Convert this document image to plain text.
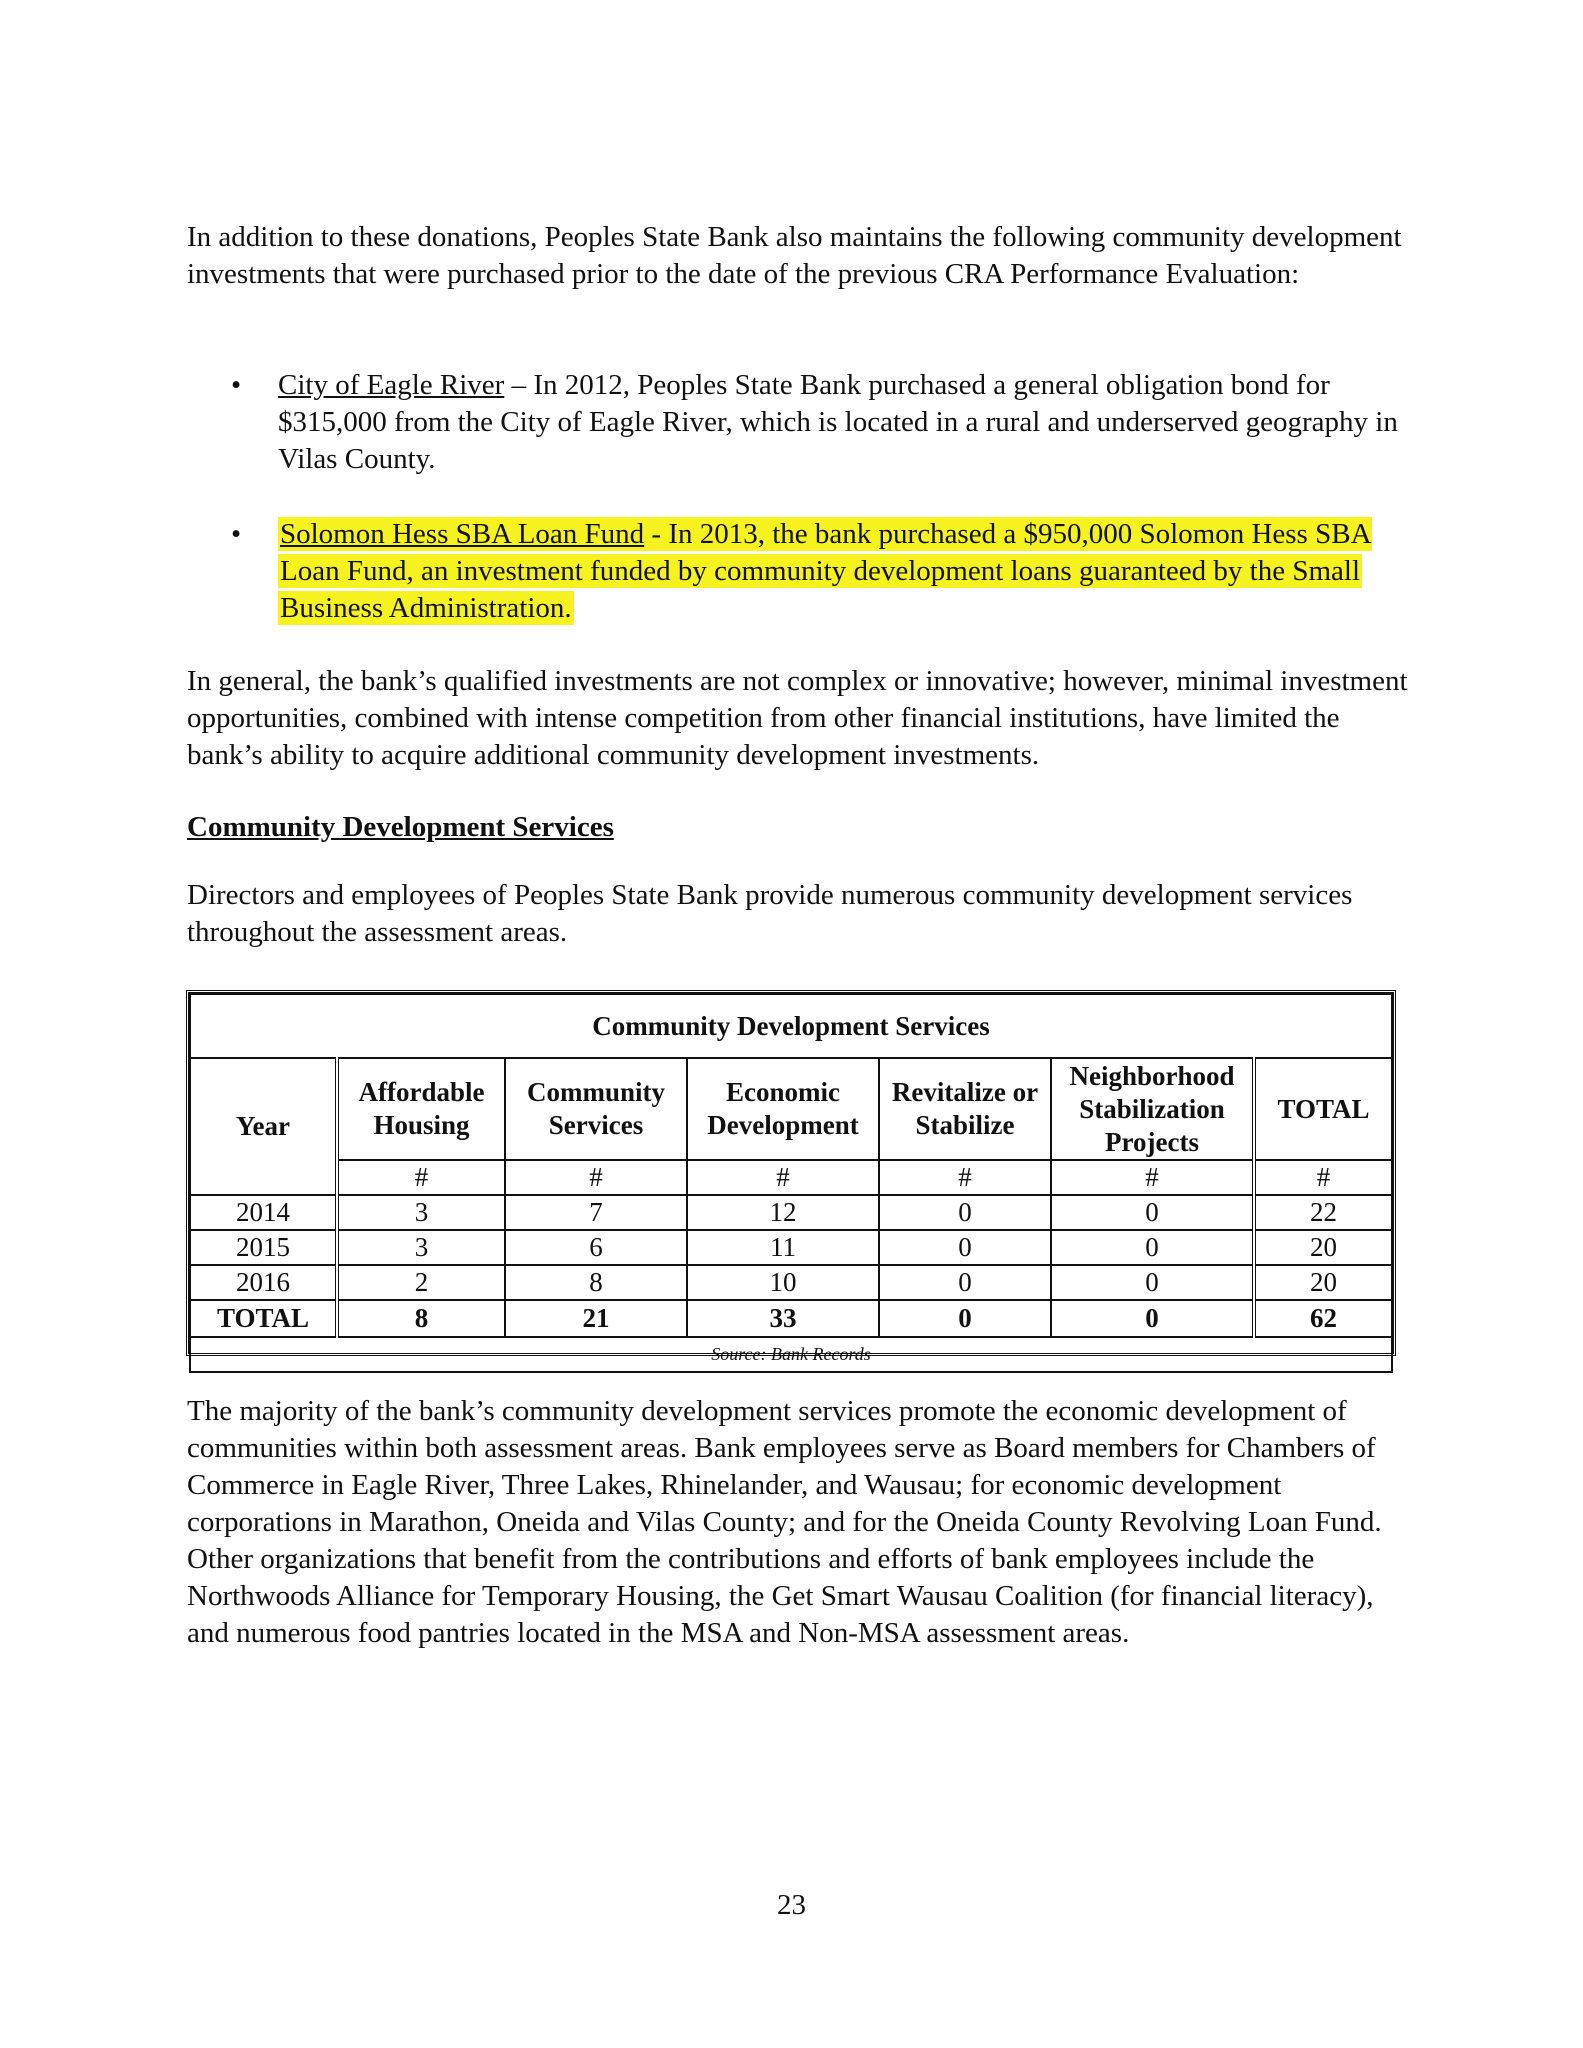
In addition to these donations, Peoples State Bank also maintains the following community development investments that were purchased prior to the date of the previous CRA Performance Evaluation:

• City of Eagle River – In 2012, Peoples State Bank purchased a general obligation bond for $315,000 from the City of Eagle River, which is located in a rural and underserved geography in Vilas County.
• Solomon Hess SBA Loan Fund - In 2013, the bank purchased a $950,000 Solomon Hess SBA Loan Fund, an investment funded by community development loans guaranteed by the Small Business Administration.

In general, the bank’s qualified investments are not complex or innovative; however, minimal investment opportunities, combined with intense competition from other financial institutions, have limited the bank’s ability to acquire additional community development investments.

Community Development Services

Directors and employees of Peoples State Bank provide numerous community development services throughout the assessment areas.

Community Development Services						
Year	Affordable Housing	Community Services	Economic Development	Revitalize or Stabilize	Neighborhood Stabilization Projects	TOTAL
	#	#	#	#	#	#
2014	3	7	12	0	0	22
2015	3	6	11	0	0	20
2016	2	8	10	0	0	20
TOTAL	8	21	33	0	0	62
Source: Bank Records						

The majority of the bank’s community development services promote the economic development of communities within both assessment areas. Bank employees serve as Board members for Chambers of Commerce in Eagle River, Three Lakes, Rhinelander, and Wausau; for economic development corporations in Marathon, Oneida and Vilas County; and for the Oneida County Revolving Loan Fund. Other organizations that benefit from the contributions and efforts of bank employees include the Northwoods Alliance for Temporary Housing, the Get Smart Wausau Coalition (for financial literacy), and numerous food pantries located in the MSA and Non-MSA assessment areas.

23
